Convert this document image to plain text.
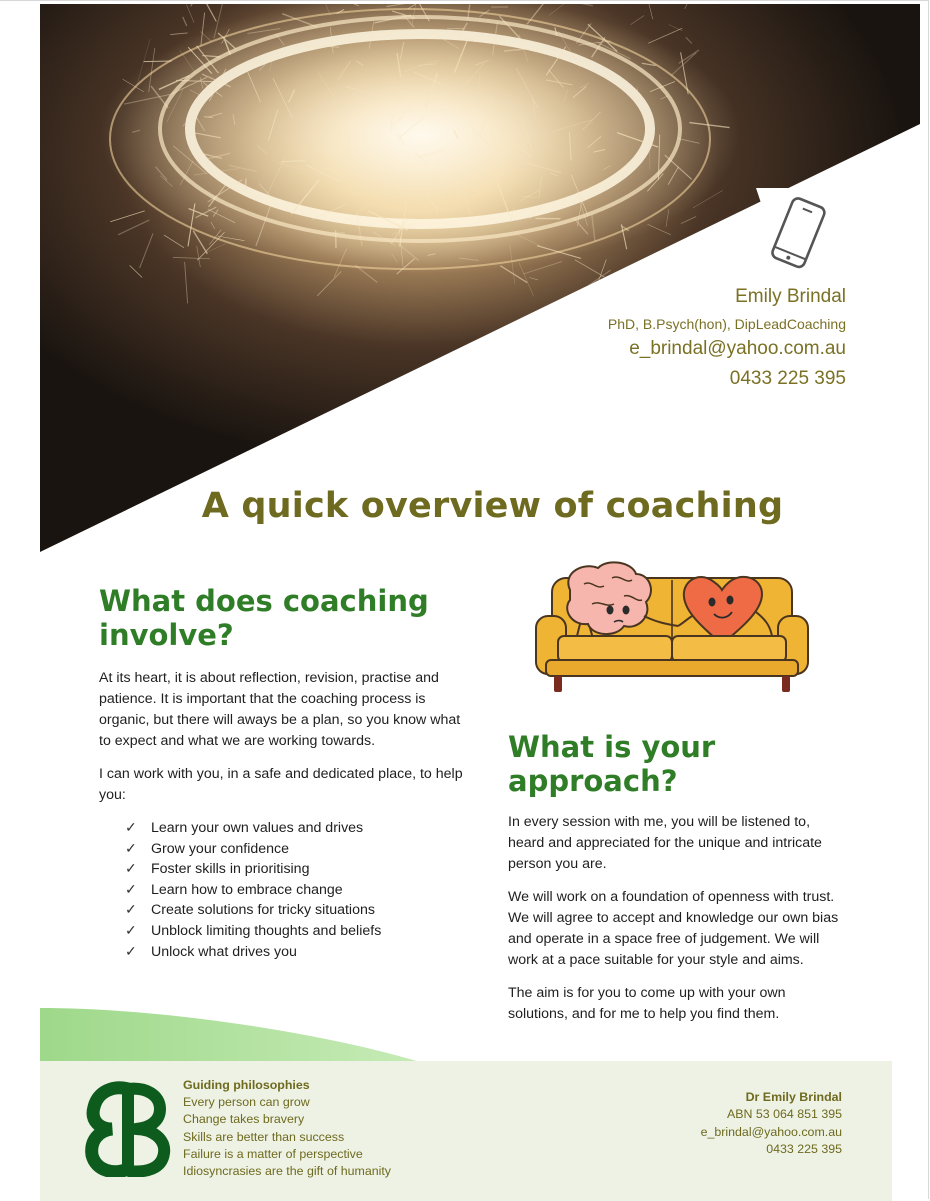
Emily Brindal

PhD, B.Psych(hon), DipLeadCoaching

e_brindal@yahoo.com.au

0433 225 395

A quick overview of coaching
What does coaching
involve?

At its heart, it is about reflection, revision, practise and patience. It is important that the coaching process is organic, but there will aways be a plan, so you know what to expect and what we are working towards.

I can work with you, in a safe and dedicated place, to help you:

✓ Learn your own values and drives
✓ Grow your confidence
✓ Foster skills in prioritising
✓ Learn how to embrace change
✓ Create solutions for tricky situations
✓ Unblock limiting thoughts and beliefs
✓ Unlock what drives you
What is your
approach?

In every session with me, you will be listened to, heard and appreciated for the unique and intricate person you are.

We will work on a foundation of openness with trust. We will agree to accept and knowledge our own bias and operate in a space free of judgement. We will work at a pace suitable for your style and aims.

The aim is for you to come up with your own solutions, and for me to help you find them.

Guiding philosophies
Every person can grow
Change takes bravery
Skills are better than success
Failure is a matter of perspective
Idiosyncrasies are the gift of humanity
Dr Emily Brindal
ABN 53 064 851 395
e_brindal@yahoo.com.au
0433 225 395
